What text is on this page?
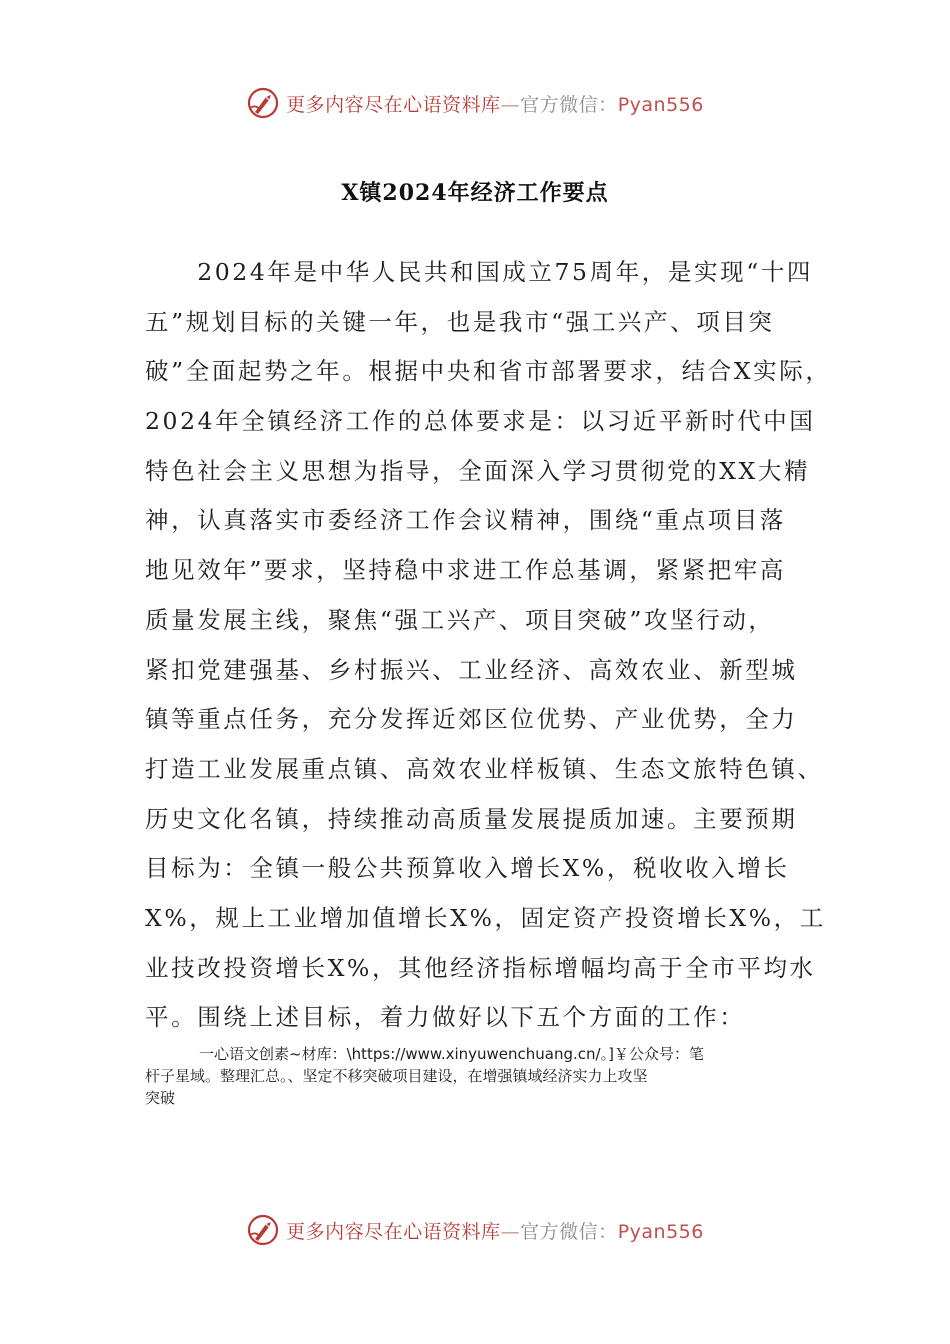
更多内容尽在心语资料库—官方微信：Pyan556
X镇2024年经济工作要点
　　2024年是中华人民共和国成立75周年，是实现“十四
五”规划目标的关键一年，也是我市“强工兴产、项目突
破”全面起势之年。根据中央和省市部署要求，结合X实际，
2024年全镇经济工作的总体要求是：以习近平新时代中国
特色社会主义思想为指导，全面深入学习贯彻党的XX大精
神，认真落实市委经济工作会议精神，围绕“重点项目落
地见效年”要求，坚持稳中求进工作总基调，紧紧把牢高
质量发展主线，聚焦“强工兴产、项目突破”攻坚行动，
紧扣党建强基、乡村振兴、工业经济、高效农业、新型城
镇等重点任务，充分发挥近郊区位优势、产业优势，全力
打造工业发展重点镇、高效农业样板镇、生态文旅特色镇、
历史文化名镇，持续推动高质量发展提质加速。主要预期
目标为：全镇一般公共预算收入增长X%，税收收入增长
X%，规上工业增加值增长X%，固定资产投资增长X%，工
业技改投资增长X%，其他经济指标增幅均高于全市平均水
平。围绕上述目标，着力做好以下五个方面的工作：
一心语文创素~材库：\https://www.xinyuwenchuang.cn/。]￥公众号：笔
杆子星域。整理汇总。、坚定不移突破项目建设，在增强镇域经济实力上攻坚
突破
更多内容尽在心语资料库—官方微信：Pyan556
